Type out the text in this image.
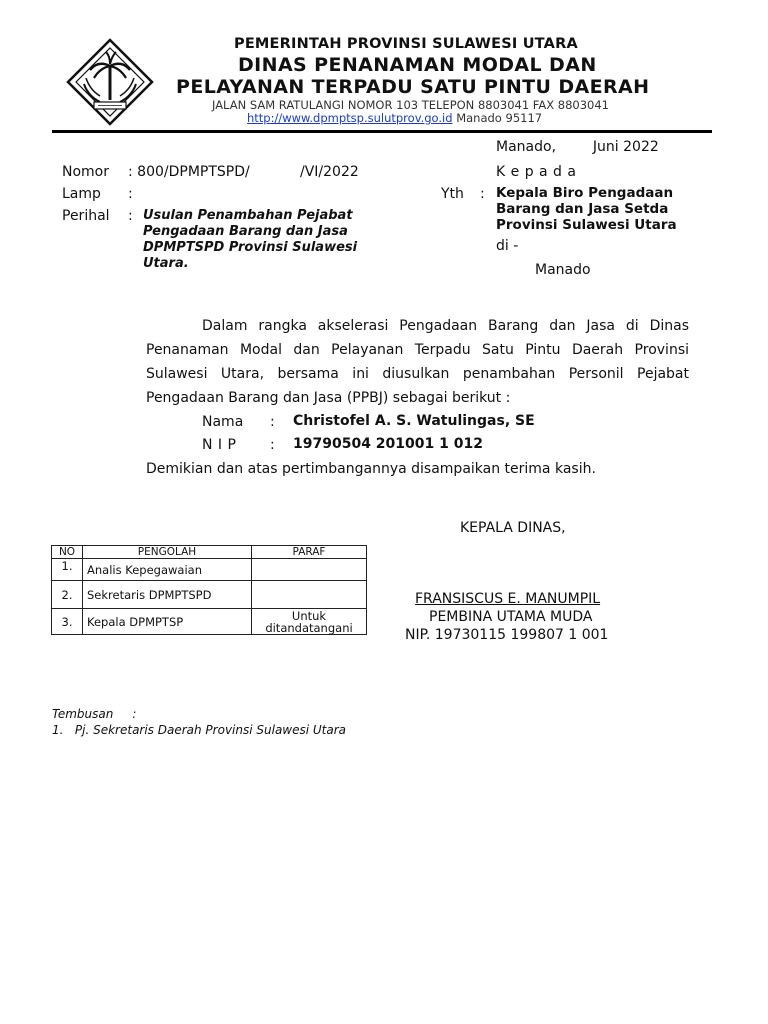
PEMERINTAH PROVINSI SULAWESI UTARA
DINAS PENANAMAN MODAL DAN
PELAYANAN TERPADU SATU PINTU DAERAH
JALAN SAM RATULANGI NOMOR 103 TELEPON 8803041 FAX 8803041
http://www.dpmptsp.sulutprov.go.id Manado 95117
Manado,	Juni 2022
Nomor : 800/DPMPTSPD/	/VI/2022
Lamp :
Perihal : Usulan Penambahan Pejabat
Pengadaan Barang dan Jasa
DPMPTSPD Provinsi Sulawesi
Utara.
K e p a d a
Yth : Kepala Biro Pengadaan
Barang dan Jasa Setda
Provinsi Sulawesi Utara
di -
Manado
Dalam rangka akselerasi Pengadaan Barang dan Jasa di Dinas
Penanaman Modal dan Pelayanan Terpadu Satu Pintu Daerah Provinsi
Sulawesi Utara, bersama ini diusulkan penambahan Personil Pejabat
Pengadaan Barang dan Jasa (PPBJ) sebagai berikut :
Nama : Christofel A. S. Watulingas, SE
N I P : 19790504 201001 1 012
Demikian dan atas pertimbangannya disampaikan terima kasih.
KEPALA DINAS,
FRANSISCUS E. MANUMPIL
PEMBINA UTAMA MUDA
NIP. 19730115 199807 1 001
NO	PENGOLAH	PARAF
1.	Analis Kepegawaian	
2.	Sekretaris DPMPTSPD	
3.	Kepala DPMPTSP	Untuk
ditandatangani
Tembusan     :
1.   Pj. Sekretaris Daerah Provinsi Sulawesi Utara
